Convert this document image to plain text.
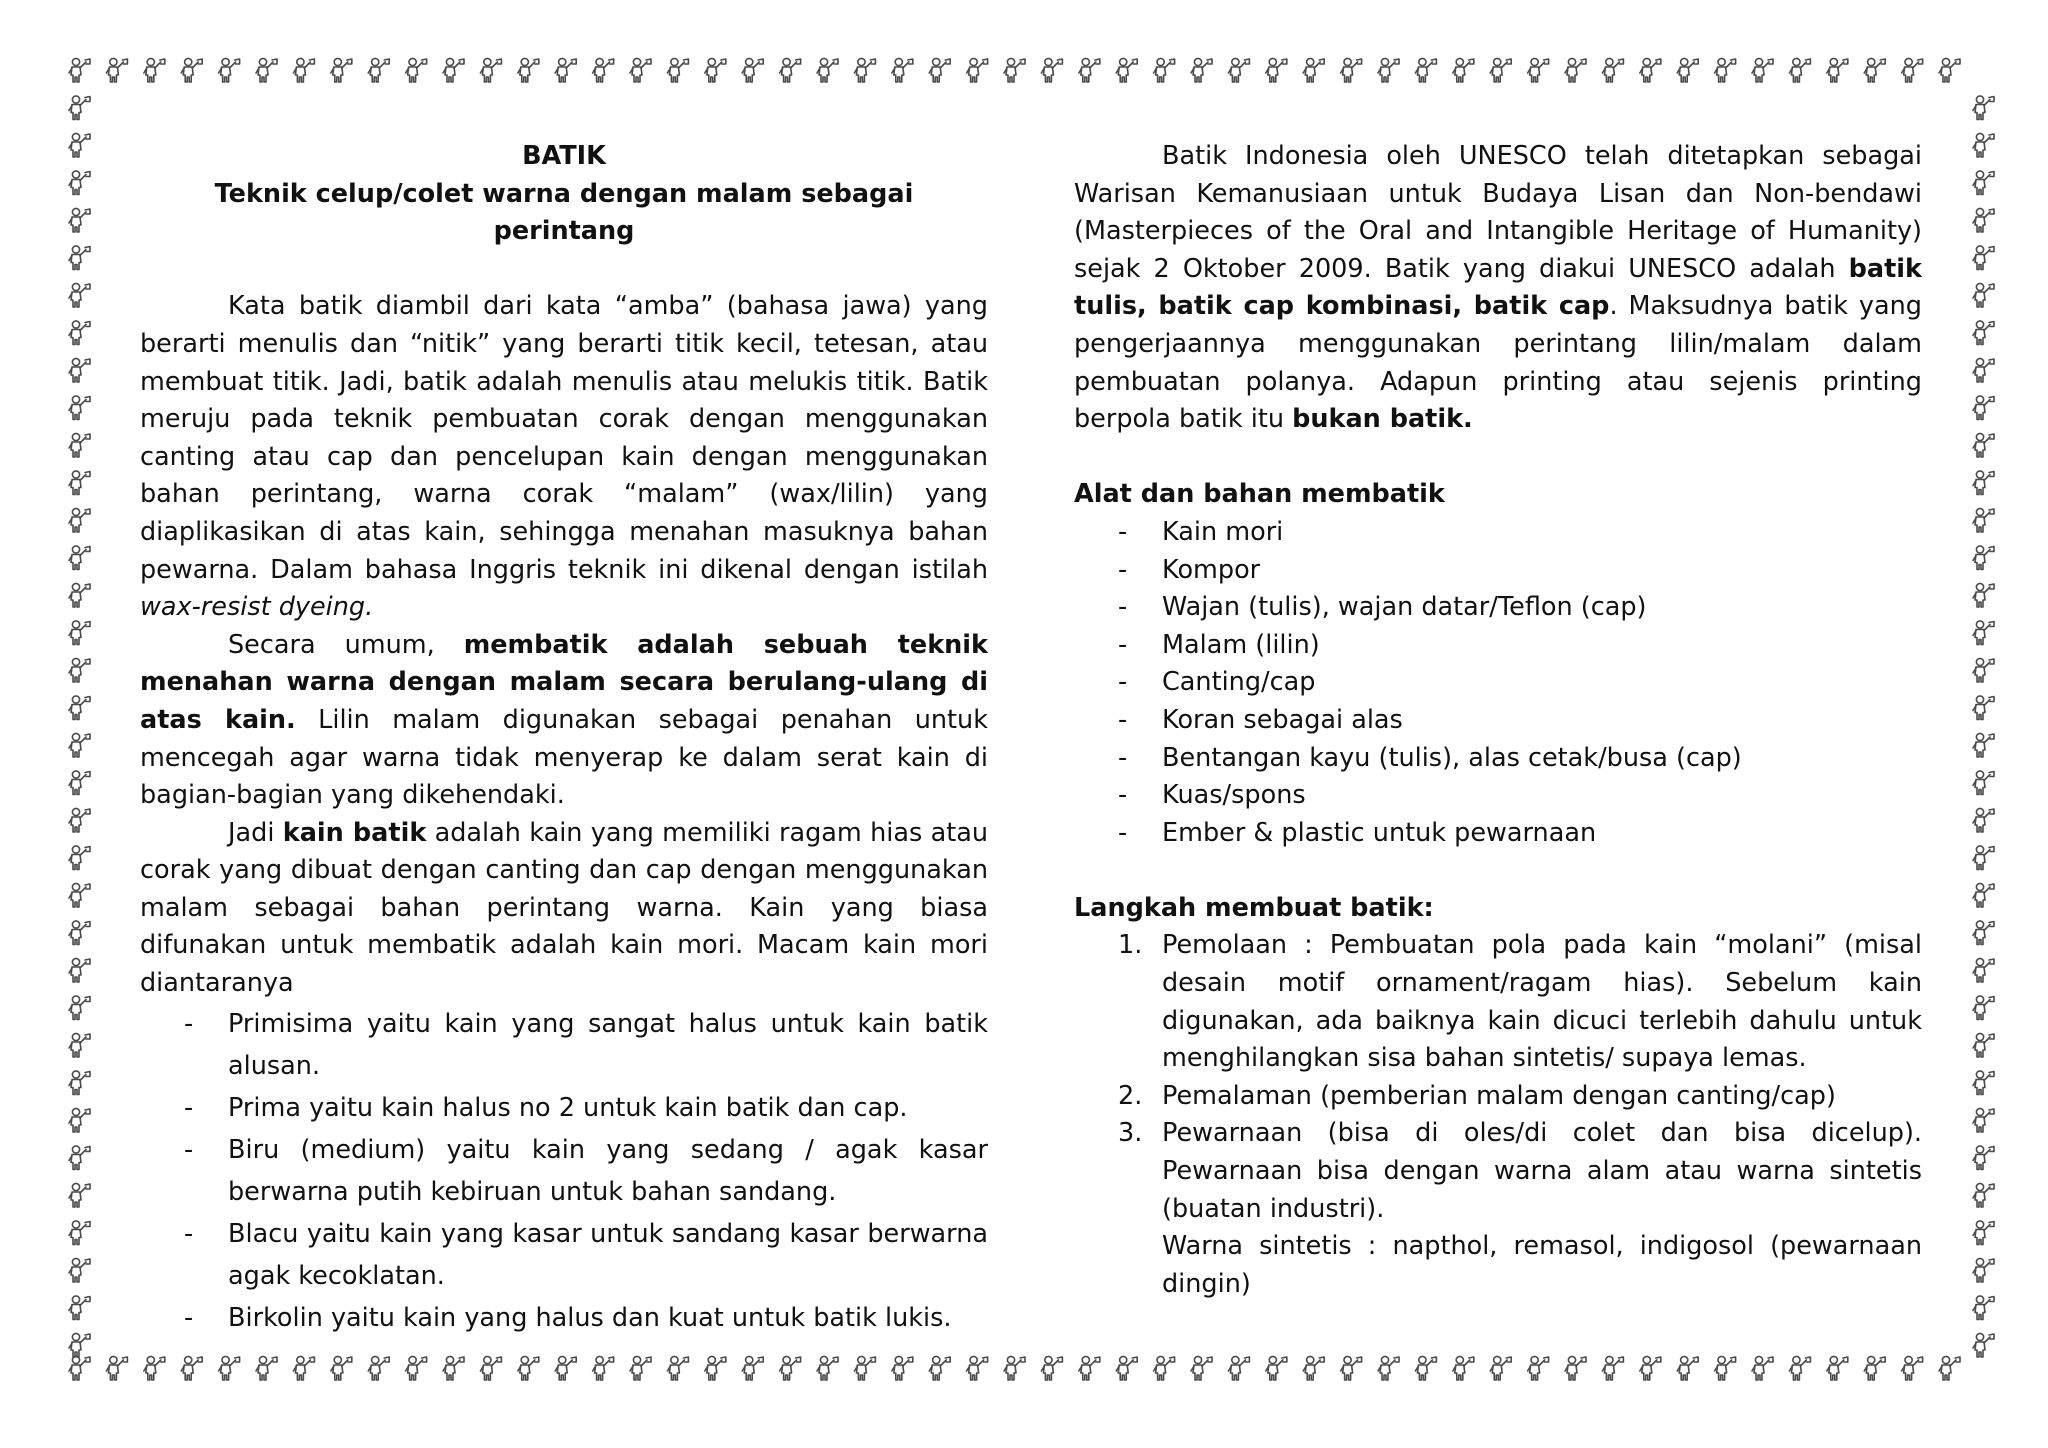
BATIK
Teknik celup/colet warna dengan malam sebagai perintang

Kata batik diambil dari kata “amba” (bahasa jawa) yang berarti menulis dan “nitik” yang berarti titik kecil, tetesan, atau membuat titik. Jadi, batik adalah menulis atau melukis titik. Batik meruju pada teknik pembuatan corak dengan menggunakan canting atau cap dan pencelupan kain dengan menggunakan bahan perintang, warna corak “malam” (wax/lilin) yang diaplikasikan di atas kain, sehingga menahan masuknya bahan pewarna. Dalam bahasa Inggris teknik ini dikenal dengan istilah wax-resist dyeing.

Secara umum, membatik adalah sebuah teknik menahan warna dengan malam secara berulang-ulang di atas kain. Lilin malam digunakan sebagai penahan untuk mencegah agar warna tidak menyerap ke dalam serat kain di bagian-bagian yang dikehendaki.

Jadi kain batik adalah kain yang memiliki ragam hias atau corak yang dibuat dengan canting dan cap dengan menggunakan malam sebagai bahan perintang warna. Kain yang biasa difunakan untuk membatik adalah kain mori. Macam kain mori diantaranya

- Primisima yaitu kain yang sangat halus untuk kain batik alusan.
- Prima yaitu kain halus no 2 untuk kain batik dan cap.
- Biru (medium) yaitu kain yang sedang / agak kasar berwarna putih kebiruan untuk bahan sandang.
- Blacu yaitu kain yang kasar untuk sandang kasar berwarna agak kecoklatan.
- Birkolin yaitu kain yang halus dan kuat untuk batik lukis.

Batik Indonesia oleh UNESCO telah ditetapkan sebagai Warisan Kemanusiaan untuk Budaya Lisan dan Non-bendawi (Masterpieces of the Oral and Intangible Heritage of Humanity) sejak 2 Oktober 2009. Batik yang diakui UNESCO adalah batik tulis, batik cap kombinasi, batik cap. Maksudnya batik yang pengerjaannya menggunakan perintang lilin/malam dalam pembuatan polanya. Adapun printing atau sejenis printing berpola batik itu bukan batik.

Alat dan bahan membatik
- Kain mori
- Kompor
- Wajan (tulis), wajan datar/Teflon (cap)
- Malam (lilin)
- Canting/cap
- Koran sebagai alas
- Bentangan kayu (tulis), alas cetak/busa (cap)
- Kuas/spons
- Ember & plastic untuk pewarnaan
Langkah membuat batik:
1. Pemolaan : Pembuatan pola pada kain “molani” (misal desain motif ornament/ragam hias). Sebelum kain digunakan, ada baiknya kain dicuci terlebih dahulu untuk menghilangkan sisa bahan sintetis/ supaya lemas.
2. Pemalaman (pemberian malam dengan canting/cap)
3. Pewarnaan (bisa di oles/di colet dan bisa dicelup). Pewarnaan bisa dengan warna alam atau warna sintetis (buatan industri).
Warna sintetis : napthol, remasol, indigosol (pewarnaan dingin)
